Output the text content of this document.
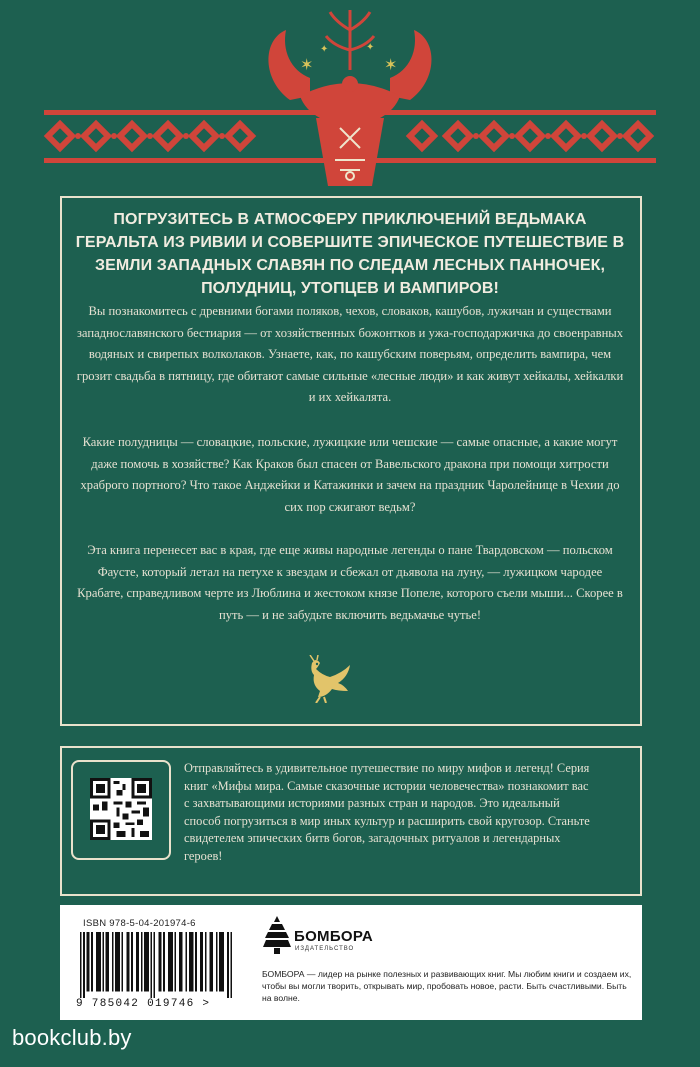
✶	✶
✦
✦
ПОГРУЗИТЕСЬ В АТМОСФЕРУ ПРИКЛЮЧЕНИЙ ВЕДЬМАКА ГЕРАЛЬТА ИЗ РИВИИ И СОВЕРШИТЕ ЭПИЧЕСКОЕ ПУТЕШЕСТВИЕ В ЗЕМЛИ ЗАПАДНЫХ СЛАВЯН ПО СЛЕДАМ ЛЕСНЫХ ПАННОЧЕК, ПОЛУДНИЦ, УТОПЦЕВ И ВАМПИРОВ!
Вы познакомитесь с древними богами поляков, чехов, словаков, кашубов, лужичан и существами западнославянского бестиария — от хозяйственных божонтков и ужа-господаржичка до своенравных водяных и свирепых волколаков. Узнаете, как, по кашубским поверьям, определить вампира, чем грозит свадьба в пятницу, где обитают самые сильные «лесные люди» и как живут хейкалы, хейкалки и их хейкалята.
Какие полудницы — словацкие, польские, лужицкие или чешские — самые опасные, а какие могут даже помочь в хозяйстве? Как Краков был спасен от Вавельского дракона при помощи хитрости храброго портного? Что такое Анджейки и Катажинки и зачем на праздник Чаролейнице в Чехии до сих пор сжигают ведьм?
Эта книга перенесет вас в края, где еще живы народные легенды о пане Твардовском — польском Фаусте, который летал на петухе к звездам и сбежал от дьявола на луну, — лужицком чародее Крабате, справедливом черте из Люблина и жестоком князе Попеле, которого съели мыши... Скорее в путь — и не забудьте включить ведьмачье чутье!
Отправляйтесь в удивительное путешествие по миру мифов и легенд! Серия книг «Мифы мира. Самые сказочные истории человечества» познакомит вас с захватывающими историями разных стран и народов. Это идеальный способ погрузиться в мир иных культур и расширить свой кругозор. Станьте свидетелем эпических битв богов, загадочных ритуалов и легендарных героев!
ISBN 978-5-04-201974-6
9 785042 019746 >
БОМБОРА
ИЗДАТЕЛЬСТВО
БОМБОРА — лидер на рынке полезных и развивающих книг. Мы любим книги и создаем их, чтобы вы могли творить, открывать мир, пробовать новое, расти. Быть счастливыми. Быть на волне.
bookclub.by
